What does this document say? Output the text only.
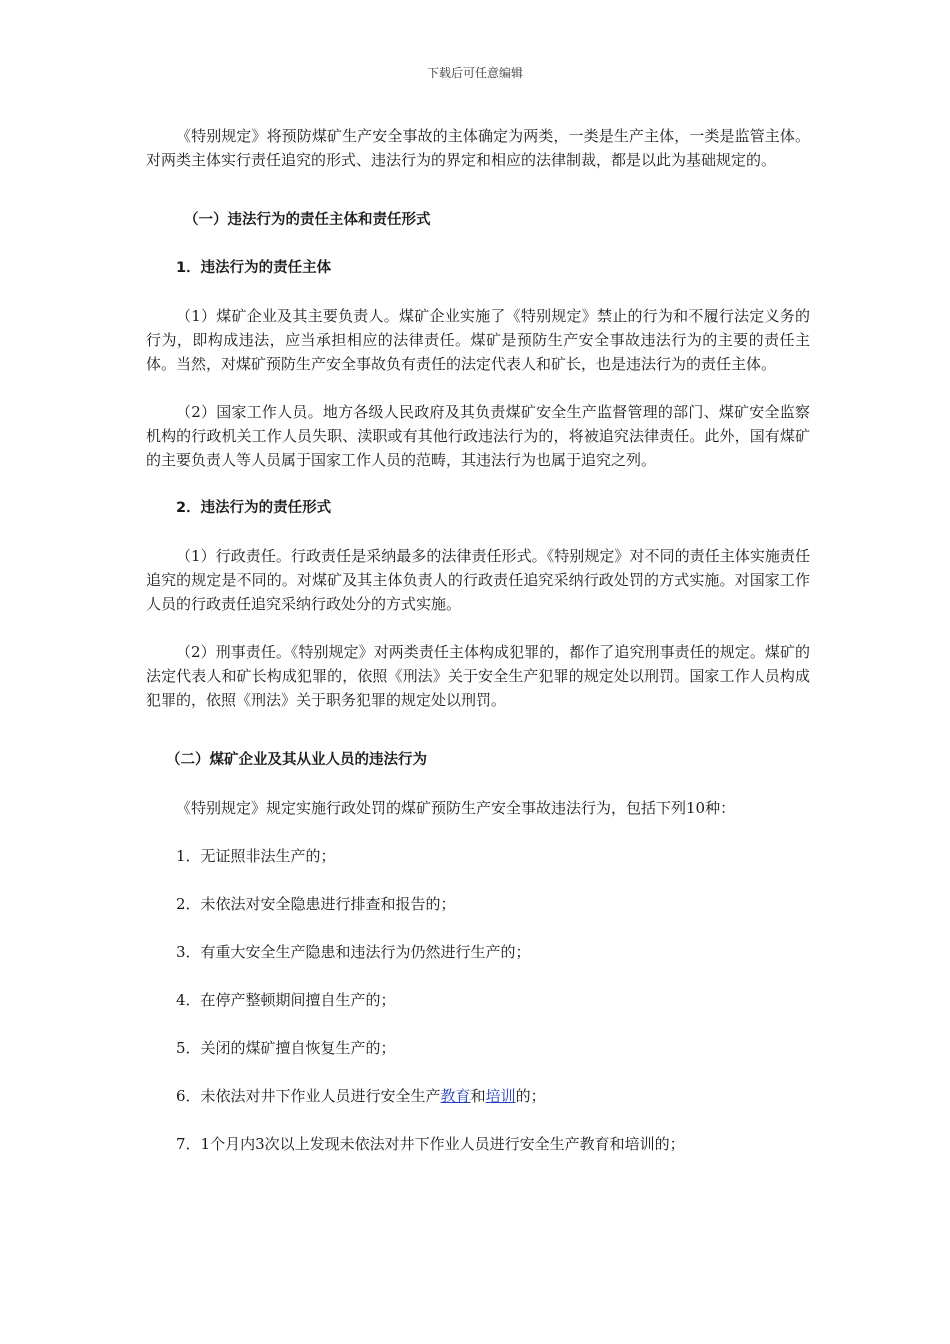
下载后可任意编辑

《特别规定》将预防煤矿生产安全事故的主体确定为两类，一类是生产主体，一类是监管主体。对两类主体实行责任追究的形式、违法行为的界定和相应的法律制裁，都是以此为基础规定的。

（一）违法行为的责任主体和责任形式

1．违法行为的责任主体

（1）煤矿企业及其主要负责人。煤矿企业实施了《特别规定》禁止的行为和不履行法定义务的行为，即构成违法，应当承担相应的法律责任。煤矿是预防生产安全事故违法行为的主要的责任主体。当然，对煤矿预防生产安全事故负有责任的法定代表人和矿长，也是违法行为的责任主体。

（2）国家工作人员。地方各级人民政府及其负责煤矿安全生产监督管理的部门、煤矿安全监察机构的行政机关工作人员失职、渎职或有其他行政违法行为的，将被追究法律责任。此外，国有煤矿的主要负责人等人员属于国家工作人员的范畴，其违法行为也属于追究之列。

2．违法行为的责任形式

（1）行政责任。行政责任是采纳最多的法律责任形式。《特别规定》对不同的责任主体实施责任追究的规定是不同的。对煤矿及其主体负责人的行政责任追究采纳行政处罚的方式实施。对国家工作人员的行政责任追究采纳行政处分的方式实施。

（2）刑事责任。《特别规定》对两类责任主体构成犯罪的，都作了追究刑事责任的规定。煤矿的法定代表人和矿长构成犯罪的，依照《刑法》关于安全生产犯罪的规定处以刑罚。国家工作人员构成犯罪的，依照《刑法》关于职务犯罪的规定处以刑罚。

（二）煤矿企业及其从业人员的违法行为

《特别规定》规定实施行政处罚的煤矿预防生产安全事故违法行为，包括下列10种：

1．无证照非法生产的；

2．未依法对安全隐患进行排查和报告的；

3．有重大安全生产隐患和违法行为仍然进行生产的；

4．在停产整顿期间擅自生产的；

5．关闭的煤矿擅自恢复生产的；

6．未依法对井下作业人员进行安全生产教育和培训的；

7．1个月内3次以上发现未依法对井下作业人员进行安全生产教育和培训的；
